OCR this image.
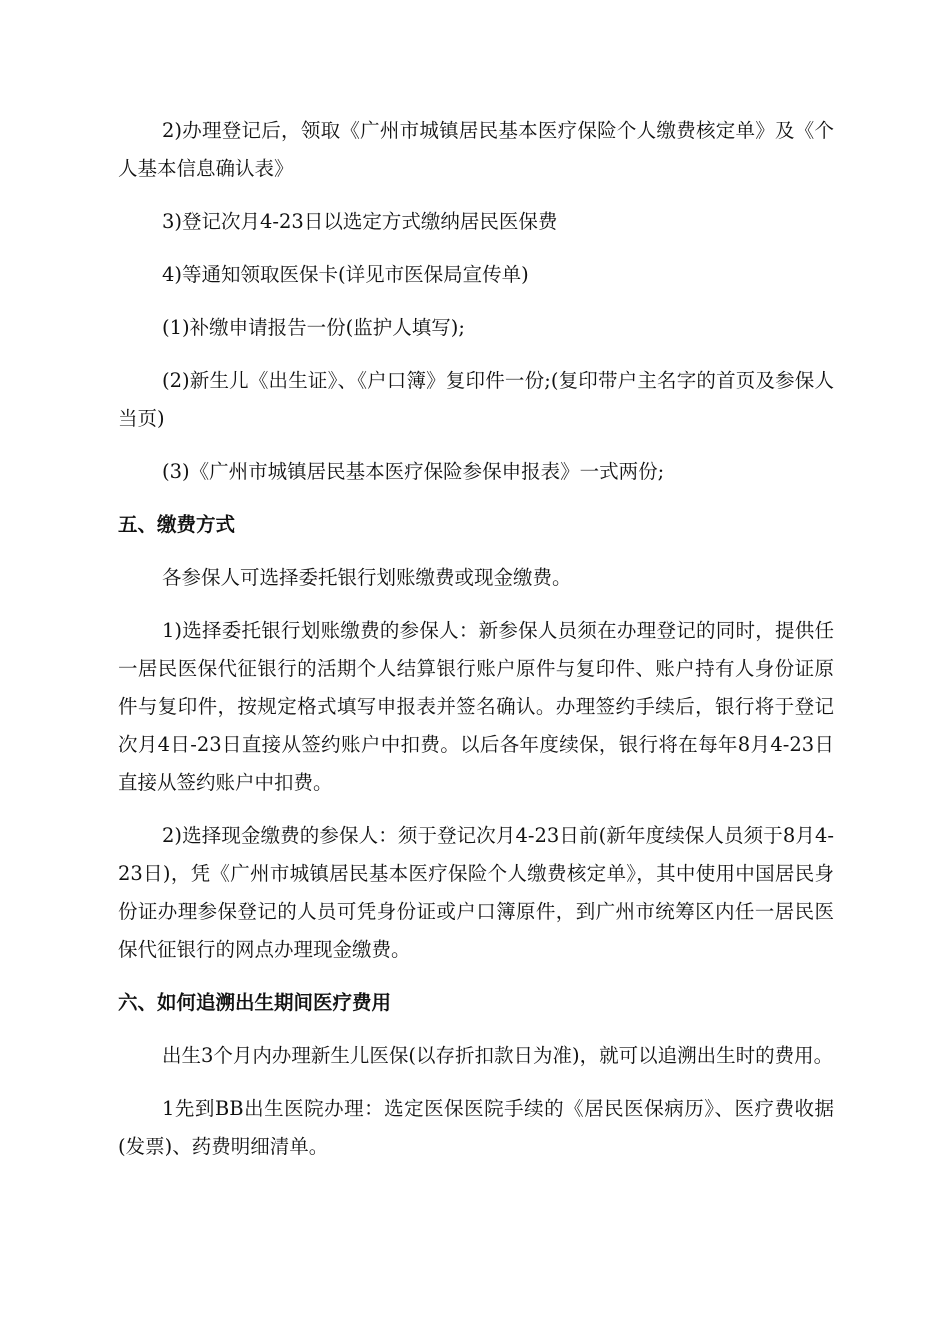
2)办理登记后，领取《广州市城镇居民基本医疗保险个人缴费核定单》及《个人基本信息确认表》

3)登记次月4-23日以选定方式缴纳居民医保费

4)等通知领取医保卡(详见市医保局宣传单)

(1)补缴申请报告一份(监护人填写);

(2)新生儿《出生证》、《户口簿》复印件一份;(复印带户主名字的首页及参保人当页)

(3)《广州市城镇居民基本医疗保险参保申报表》一式两份;

五、缴费方式

各参保人可选择委托银行划账缴费或现金缴费。

1)选择委托银行划账缴费的参保人：新参保人员须在办理登记的同时，提供任一居民医保代征银行的活期个人结算银行账户原件与复印件、账户持有人身份证原件与复印件，按规定格式填写申报表并签名确认。办理签约手续后，银行将于登记次月4日-23日直接从签约账户中扣费。以后各年度续保，银行将在每年8月4-23日直接从签约账户中扣费。

2)选择现金缴费的参保人：须于登记次月4-23日前(新年度续保人员须于8月4-23日)，凭《广州市城镇居民基本医疗保险个人缴费核定单》，其中使用中国居民身份证办理参保登记的人员可凭身份证或户口簿原件，到广州市统筹区内任一居民医保代征银行的网点办理现金缴费。

六、如何追溯出生期间医疗费用

出生3个月内办理新生儿医保(以存折扣款日为准)，就可以追溯出生时的费用。

1先到BB出生医院办理：选定医保医院手续的《居民医保病历》、医疗费收据(发票)、药费明细清单。
